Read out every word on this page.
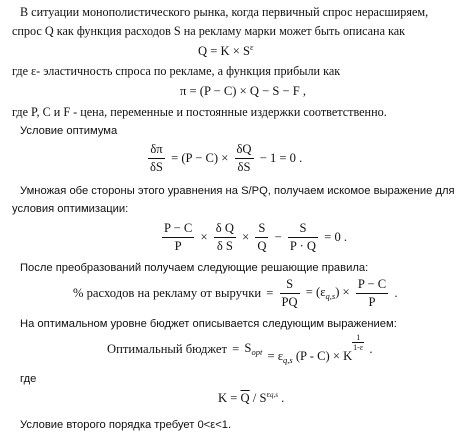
В ситуации монополистического рынка, когда первичный спрос нерасширяем,
спрос Q как функция расходов S на рекламу марки может быть описана как
$Q = K \times S^\varepsilon$
где ε- эластичность спроса по рекламе, а функция прибыли как
π = (P − C) × Q − S − F ,
где P, C и F - цена, переменные и постоянные издержки соответственно.
Условие оптимума
$\frac{\delta\pi}{\delta S} = (P - C) \times \frac{\delta Q}{\delta S} - 1 = 0$ .
Умножая обе стороны этого уравнения на S/PQ, получаем искомое выражение для
условия оптимизации:
$\frac{P - C}{P} \times \frac{\text{δ Q}}{\text{δ S}} \times \frac{S}{Q} - \frac{S}{P \cdot Q} = 0$ .
После преобразований получаем следующие решающие правила:
% расходов на рекламу от выручки = $\frac{S}{PQ} = (\varepsilon_{q,s}) \times \frac{P - C}{P}$ .
На оптимальном уровне бюджет описывается следующим выражением:
Оптимальный бюджет = $S_{opt} = \varepsilon_{q,s}$ (P - C) × K
$\frac{1}{1-\varepsilon}$ .
где
$K = \overline{Q} / S^{\varepsilon q,s}$ .
Условие второго порядка требует 0<ε<1.
